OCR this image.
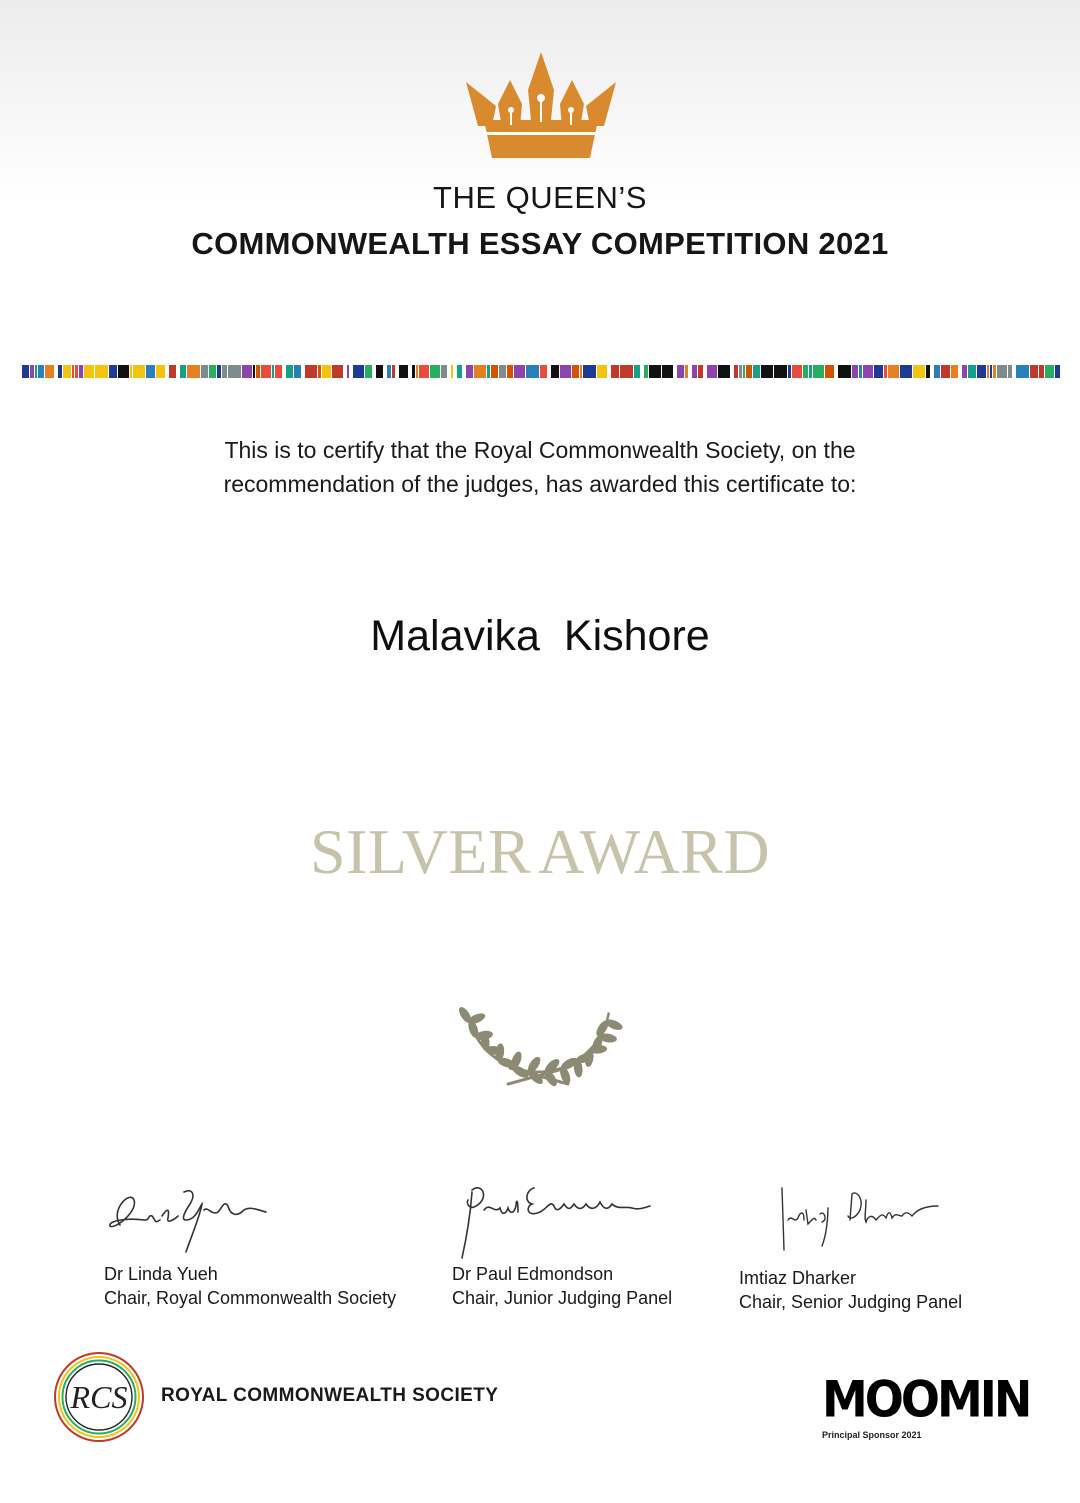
THE QUEEN’S
COMMONWEALTH ESSAY COMPETITION 2021
This is to certify that the Royal Commonwealth Society, on the
recommendation of the judges, has awarded this certificate to:
Malavika Kishore
SILVER AWARD
Dr Linda Yueh
Chair, Royal Commonwealth Society
Dr Paul Edmondson
Chair, Junior Judging Panel
Imtiaz Dharker
Chair, Senior Judging Panel
RCS ROYAL COMMONWEALTH SOCIETY	MOOMIN
Principal Sponsor 2021
